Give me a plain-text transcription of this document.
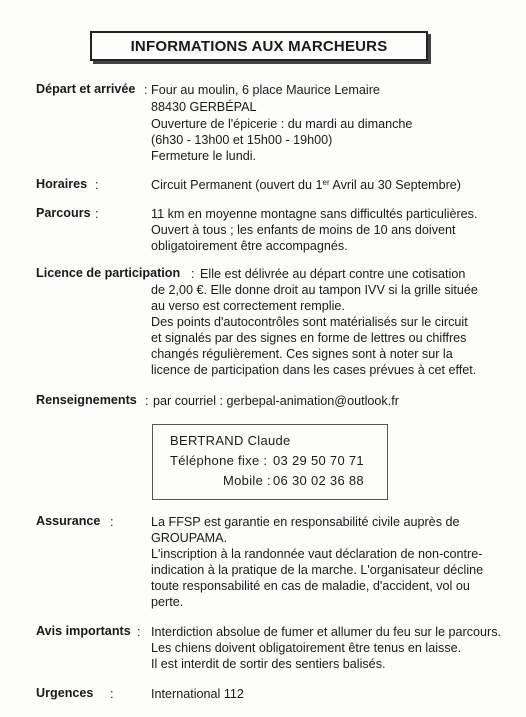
INFORMATIONS AUX MARCHEURS
Départ et arrivée : Four au moulin, 6 place Maurice Lemaire
88430 GERBÉPAL
Ouverture de l'épicerie : du mardi au dimanche
(6h30 - 13h00 et 15h00 - 19h00)
Fermeture le lundi.
Horaires :	Circuit Permanent (ouvert du 1er Avril au 30 Septembre)
Parcours :	11 km en moyenne montagne sans difficultés particulières.
Ouvert à tous ; les enfants de moins de 10 ans doivent
obligatoirement être accompagnés.
Licence de participation : Elle est délivrée au départ contre une cotisation
de 2,00 €. Elle donne droit au tampon IVV si la grille située
au verso est correctement remplie.
Des points d'autocontrôles sont matérialisés sur le circuit
et signalés par des signes en forme de lettres ou chiffres
changés régulièrement. Ces signes sont à noter sur la
licence de participation dans les cases prévues à cet effet.
Renseignements : par courriel : gerbepal-animation@outlook.fr
BERTRAND Claude
Téléphone fixe : 03 29 50 70 71
Mobile : 06 30 02 36 88
Assurance :	La FFSP est garantie en responsabilité civile auprès de
GROUPAMA.
L'inscription à la randonnée vaut déclaration de non-contre-
indication à la pratique de la marche. L'organisateur décline
toute responsabilité en cas de maladie, d'accident, vol ou
perte.
Avis importants : Interdiction absolue de fumer et allumer du feu sur le parcours.
Les chiens doivent obligatoirement être tenus en laisse.
Il est interdit de sortir des sentiers balisés.
Urgences :	International 112
